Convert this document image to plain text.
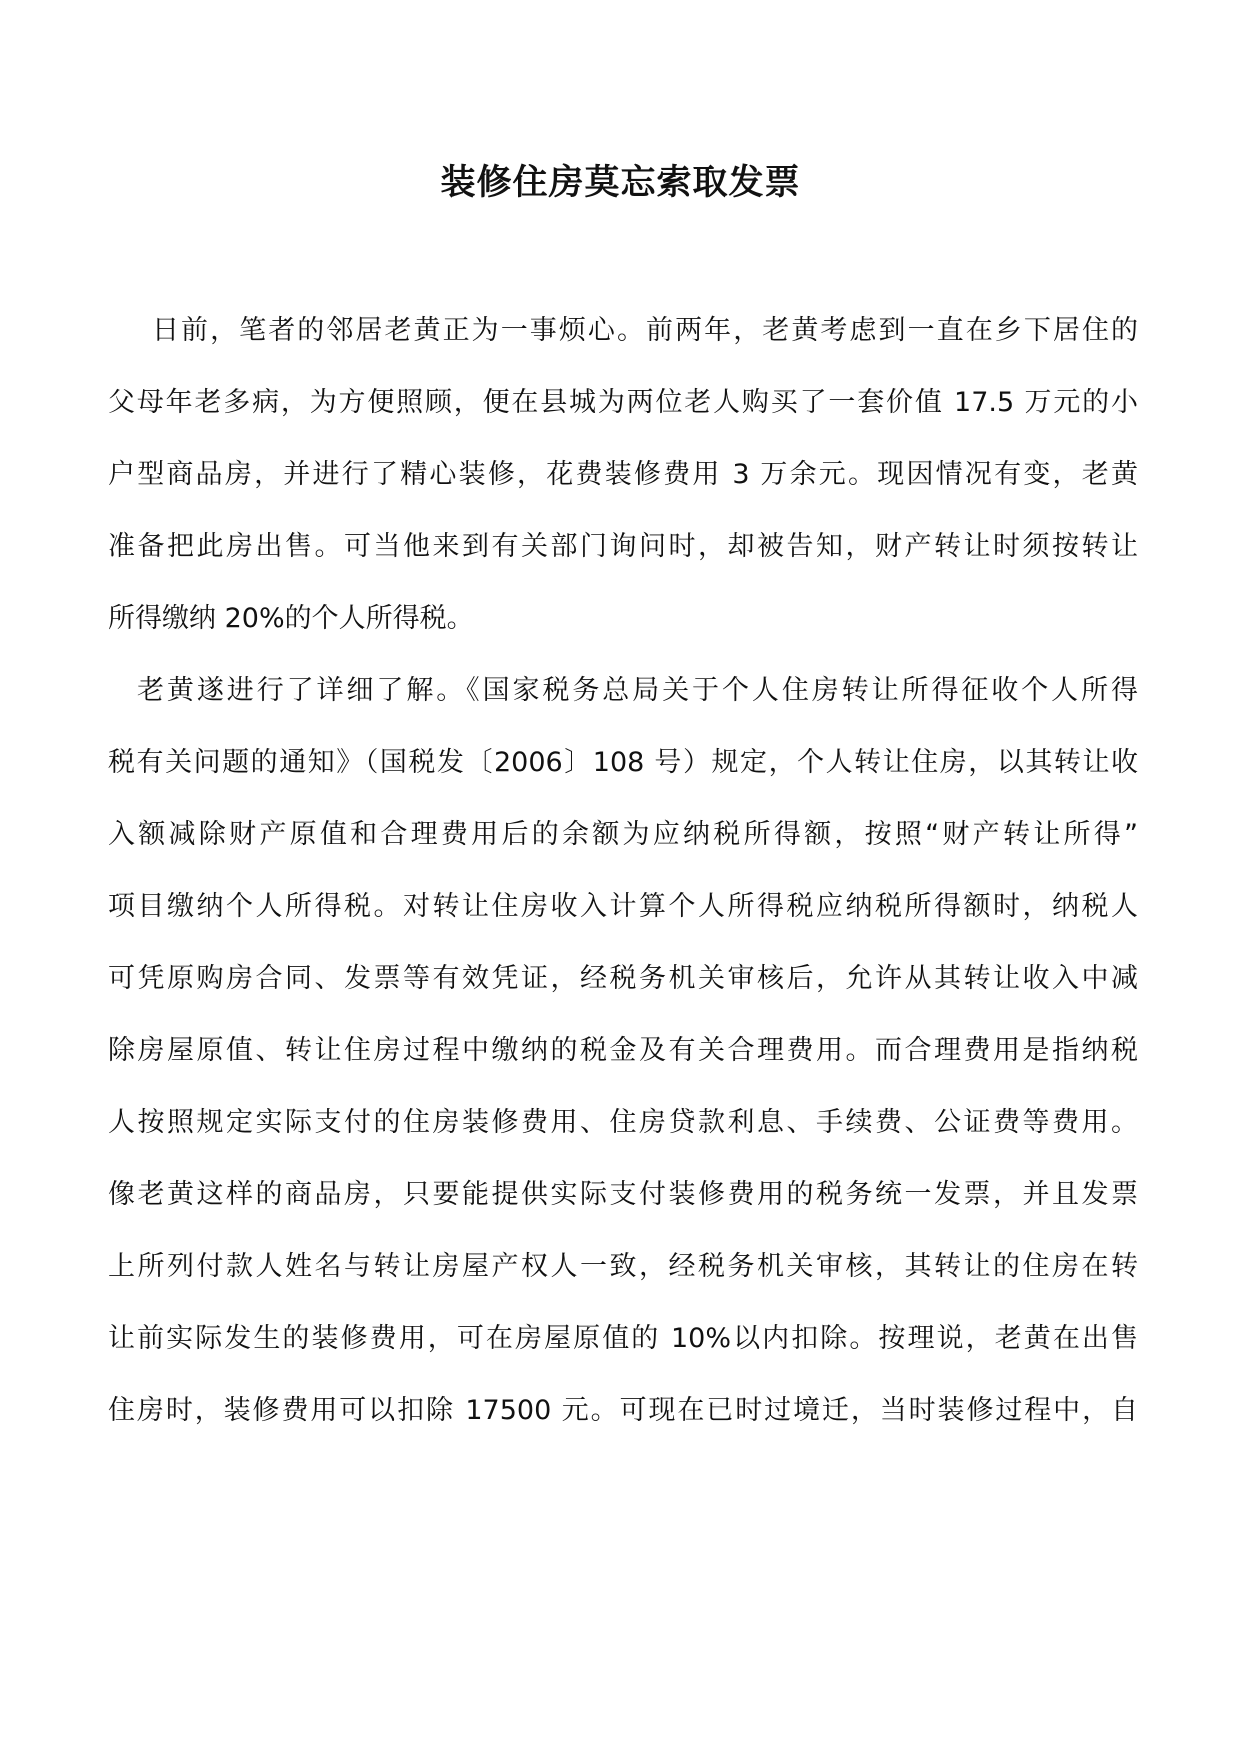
装修住房莫忘索取发票
日前，笔者的邻居老黄正为一事烦心。前两年，老黄考虑到一直在乡下居住的
父母年老多病，为方便照顾，便在县城为两位老人购买了一套价值 17.5 万元的小
户型商品房，并进行了精心装修，花费装修费用 3 万余元。现因情况有变，老黄
准备把此房出售。可当他来到有关部门询问时，却被告知，财产转让时须按转让
所得缴纳 20%的个人所得税。
老黄遂进行了详细了解。《国家税务总局关于个人住房转让所得征收个人所得
税有关问题的通知》（国税发〔2006〕108 号）规定，个人转让住房，以其转让收
入额减除财产原值和合理费用后的余额为应纳税所得额，按照“财产转让所得”
项目缴纳个人所得税。对转让住房收入计算个人所得税应纳税所得额时，纳税人
可凭原购房合同、发票等有效凭证，经税务机关审核后，允许从其转让收入中减
除房屋原值、转让住房过程中缴纳的税金及有关合理费用。而合理费用是指纳税
人按照规定实际支付的住房装修费用、住房贷款利息、手续费、公证费等费用。
像老黄这样的商品房，只要能提供实际支付装修费用的税务统一发票，并且发票
上所列付款人姓名与转让房屋产权人一致，经税务机关审核，其转让的住房在转
让前实际发生的装修费用，可在房屋原值的 10%以内扣除。按理说，老黄在出售
住房时，装修费用可以扣除 17500 元。可现在已时过境迁，当时装修过程中，自
